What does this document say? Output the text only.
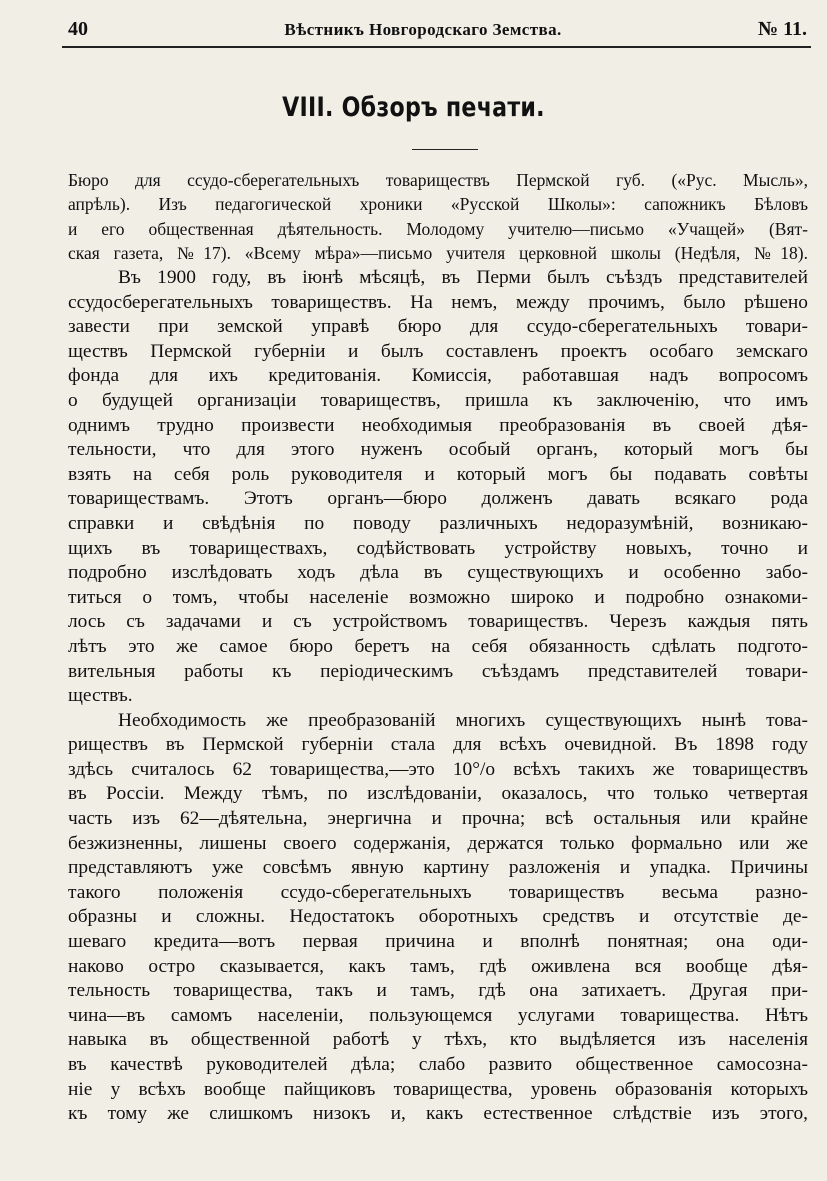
40	Вѣстникъ Новгородскаго Земства.	№ 11.
VIII. Обзоръ печати.
Бюро для ссудо-сберегательныхъ товариществъ Пермской губ. («Рус. Мысль»,
апрѣль). Изъ педагогической хроники «Русской Школы»: сапожникъ Бѣловъ
и его общественная дѣятельность. Молодому учителю—письмо «Учащей» (Вят-
ская газета, №17). «Всему мѣра»—письмо учителя церковной школы (Недѣля, №18).
Въ 1900 году, въ іюнѣ мѣсяцѣ, въ Перми былъ съѣздъ представителей
ссудосберегательныхъ товариществъ. На немъ, между прочимъ, было рѣшено
завести при земской управѣ бюро для ссудо-сберегательныхъ товари-
ществъ Пермской губерніи и былъ составленъ проектъ особаго земскаго
фонда для ихъ кредитованія. Комиссія, работавшая надъ вопросомъ
о будущей организаціи товариществъ, пришла къ заключенію, что имъ
однимъ трудно произвести необходимыя преобразованія въ своей дѣя-
тельности, что для этого нуженъ особый органъ, который могъ бы
взять на себя роль руководителя и который могъ бы подавать совѣты
товариществамъ. Этотъ органъ—бюро долженъ давать всякаго рода
справки и свѣдѣнія по поводу различныхъ недоразумѣній, возникаю-
щихъ въ товариществахъ, содѣйствовать устройству новыхъ, точно и
подробно изслѣдовать ходъ дѣла въ существующихъ и особенно забо-
титься о томъ, чтобы населеніе возможно широко и подробно ознакоми-
лось съ задачами и съ устройствомъ товариществъ. Черезъ каждыя пять
лѣтъ это же самое бюро беретъ на себя обязанность сдѣлать подгото-
вительныя работы къ періодическимъ съѣздамъ представителей товари-
ществъ.
Необходимость же преобразованій многихъ существующихъ нынѣ това-
риществъ въ Пермской губерніи стала для всѣхъ очевидной. Въ 1898 году
здѣсь считалось 62 товарищества,—это 10°/о всѣхъ такихъ же товариществъ
въ Россіи. Между тѣмъ, по изслѣдованіи, оказалось, что только четвертая
часть изъ 62—дѣятельна, энергична и прочна; всѣ остальныя или крайне
безжизненны, лишены своего содержанія, держатся только формально или же
представляютъ уже совсѣмъ явную картину разложенія и упадка. Причины
такого положенія ссудо-сберегательныхъ товариществъ весьма разно-
образны и сложны. Недостатокъ оборотныхъ средствъ и отсутствіе де-
шеваго кредита—вотъ первая причина и вполнѣ понятная; она оди-
наково остро сказывается, какъ тамъ, гдѣ оживлена вся вообще дѣя-
тельность товарищества, такъ и тамъ, гдѣ она затихаетъ. Другая при-
чина—въ самомъ населеніи, пользующемся услугами товарищества. Нѣтъ
навыка въ общественной работѣ у тѣхъ, кто выдѣляется изъ населенія
въ качествѣ руководителей дѣла; слабо развито общественное самосозна-
ніе у всѣхъ вообще пайщиковъ товарищества, уровень образованія которыхъ
къ тому же слишкомъ низокъ и, какъ естественное слѣдствіе изъ этого,
